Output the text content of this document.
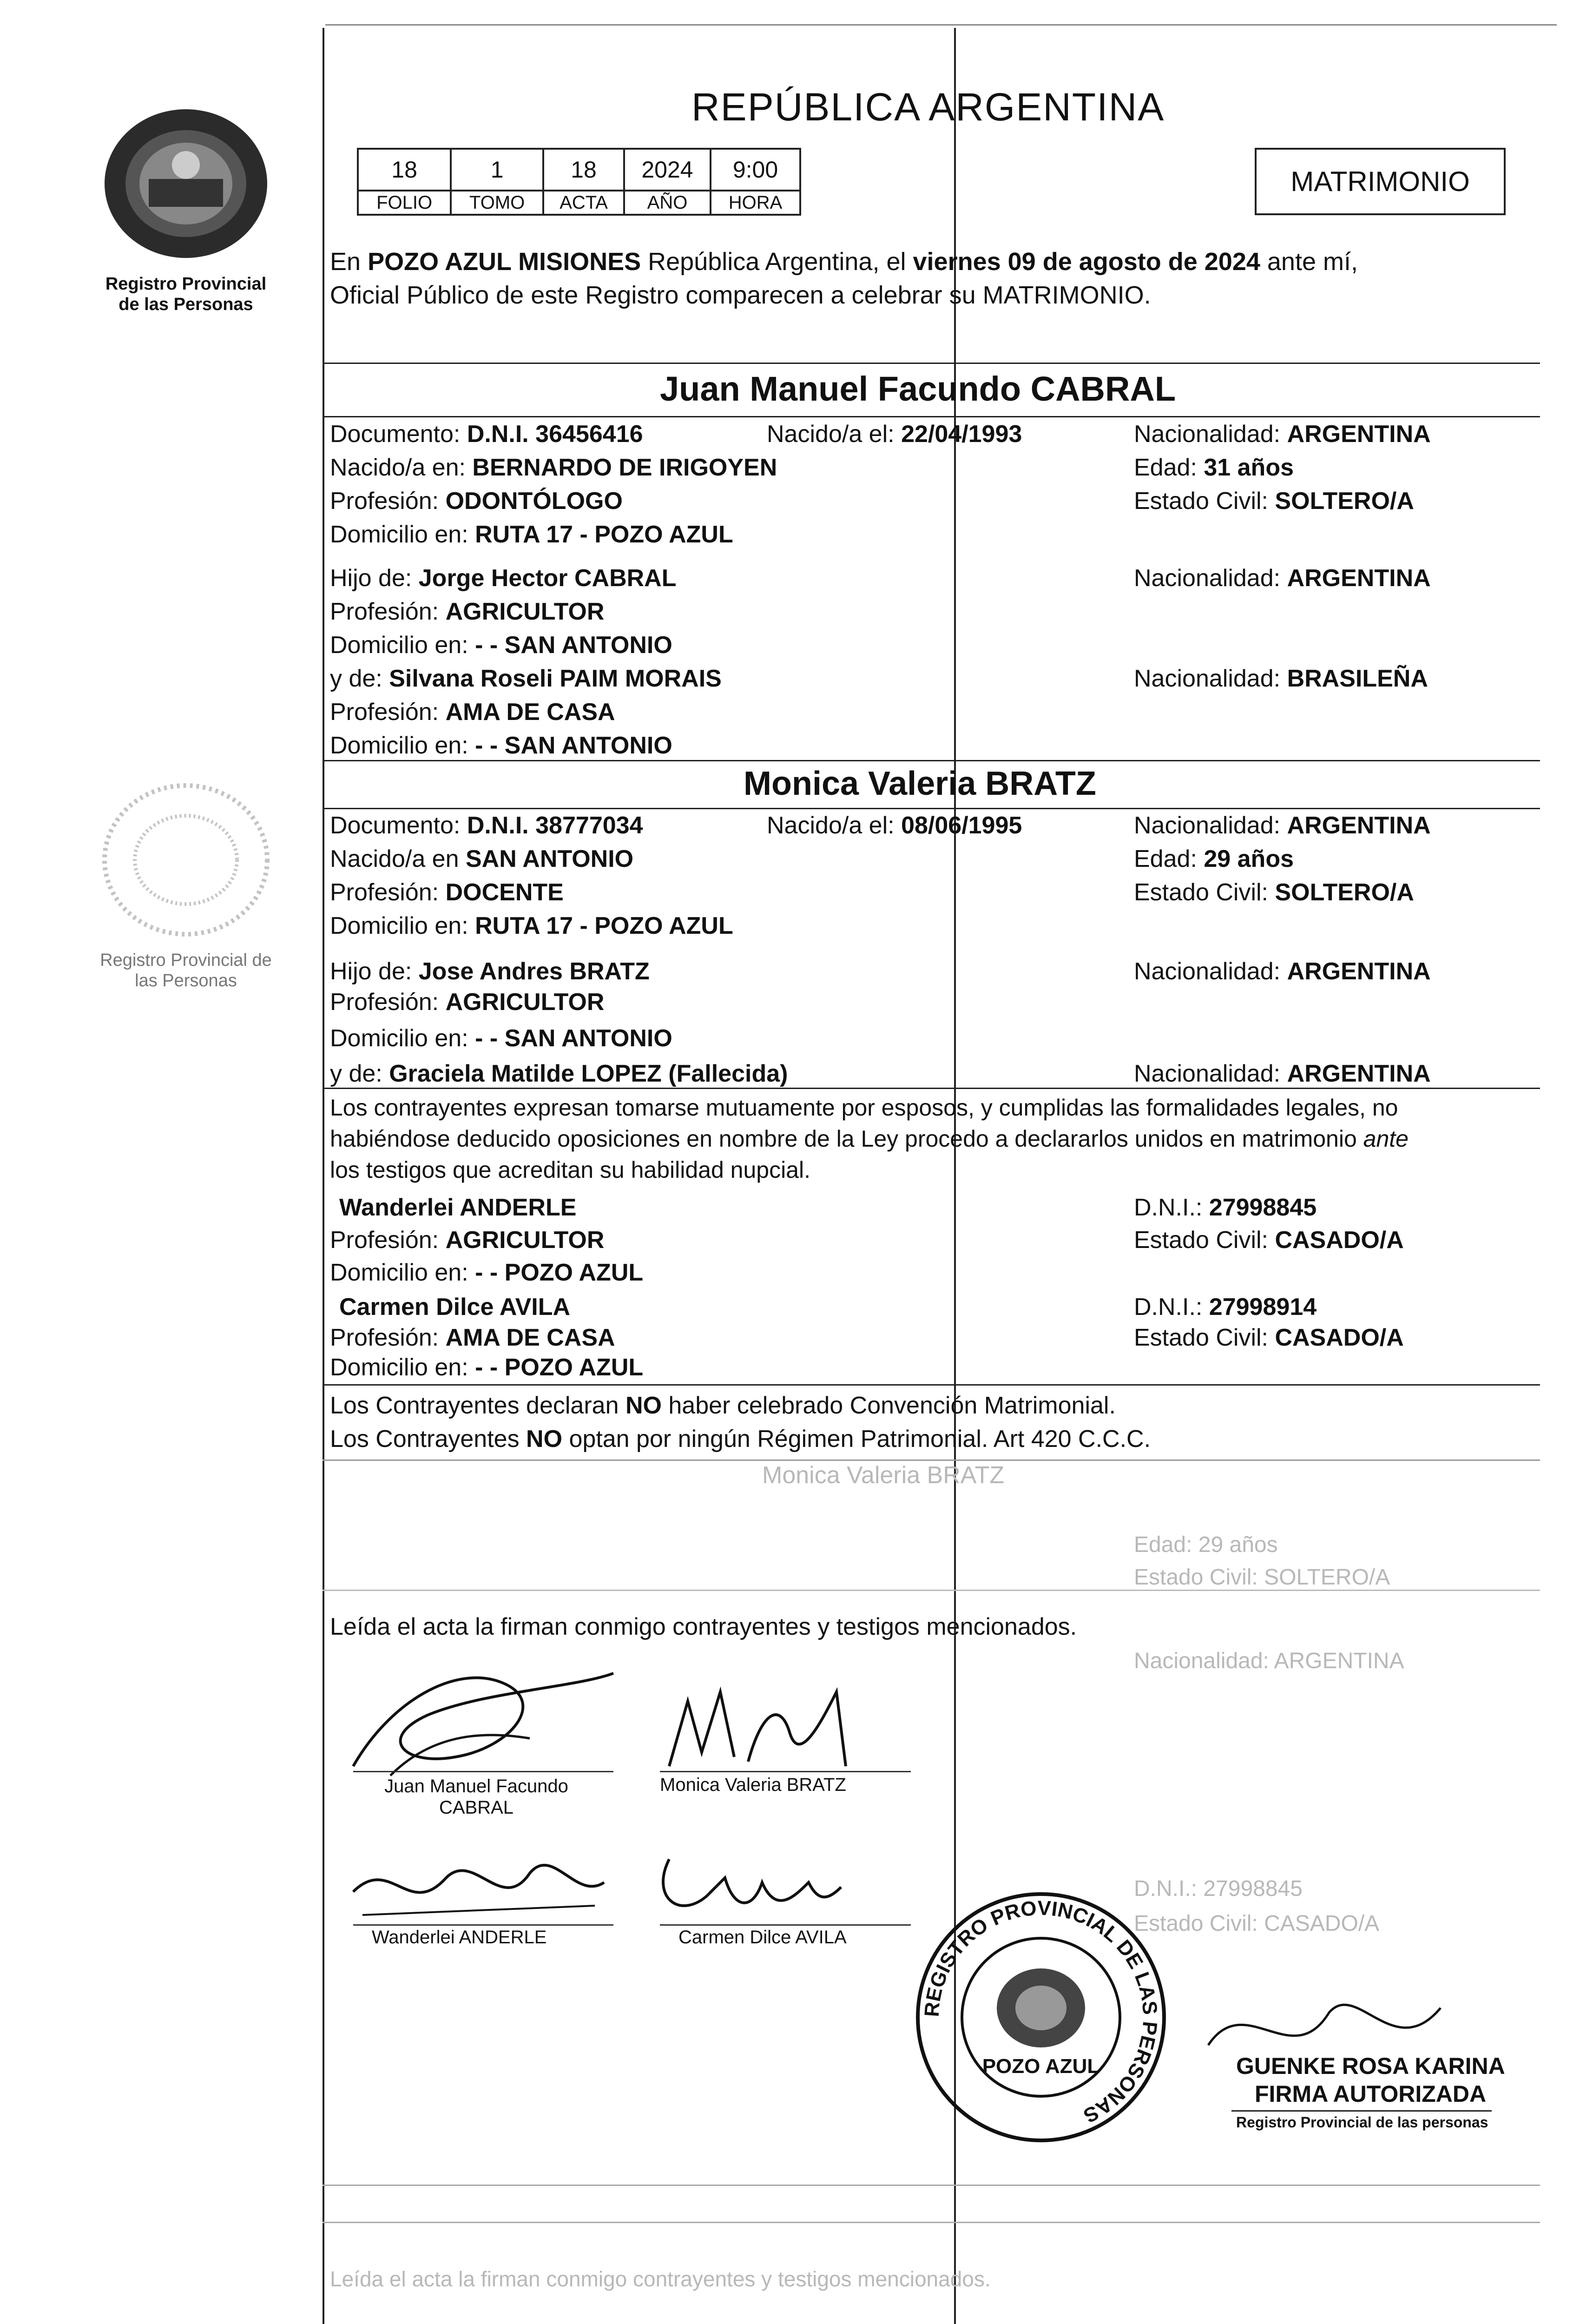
Registro Provincial de las Personas
Registro Provincial de las Personas
REPÚBLICA ARGENTINA
18	1	18	2024	9:00
FOLIO	TOMO	ACTA	AÑO	HORA
MATRIMONIO
En POZO AZUL MISIONES República Argentina, el viernes 09 de agosto de 2024 ante mí,
Oficial Público de este Registro comparecen a celebrar su MATRIMONIO.
Juan Manuel Facundo CABRAL
Documento: D.N.I. 36456416	Nacido/a el: 22/04/1993	Nacionalidad: ARGENTINA
Nacido/a en: BERNARDO DE IRIGOYEN	Edad: 31 años
Profesión: ODONTÓLOGO	Estado Civil: SOLTERO/A
Domicilio en: RUTA 17 - POZO AZUL
Hijo de: Jorge Hector CABRAL	Nacionalidad: ARGENTINA
Profesión: AGRICULTOR
Domicilio en: - - SAN ANTONIO
y de: Silvana Roseli PAIM MORAIS	Nacionalidad: BRASILEÑA
Profesión: AMA DE CASA
Domicilio en: - - SAN ANTONIO
Monica Valeria BRATZ
Documento: D.N.I. 38777034	Nacido/a el: 08/06/1995	Nacionalidad: ARGENTINA
Nacido/a en SAN ANTONIO	Edad: 29 años
Profesión: DOCENTE	Estado Civil: SOLTERO/A
Domicilio en: RUTA 17 - POZO AZUL
Hijo de: Jose Andres BRATZ	Nacionalidad: ARGENTINA
Profesión: AGRICULTOR
Domicilio en: - - SAN ANTONIO
y de: Graciela Matilde LOPEZ (Fallecida)	Nacionalidad: ARGENTINA
Los contrayentes expresan tomarse mutuamente por esposos, y cumplidas las formalidades legales, no
habiéndose deducido oposiciones en nombre de la Ley procedo a declararlos unidos en matrimonio ante
los testigos que acreditan su habilidad nupcial.
Wanderlei ANDERLE	D.N.I.: 27998845
Profesión: AGRICULTOR	Estado Civil: CASADO/A
Domicilio en: - - POZO AZUL
Carmen Dilce AVILA	D.N.I.: 27998914
Profesión: AMA DE CASA	Estado Civil: CASADO/A
Domicilio en: - - POZO AZUL
Los Contrayentes declaran NO haber celebrado Convención Matrimonial.
Los Contrayentes NO optan por ningún Régimen Patrimonial. Art 420 C.C.C.
Monica Valeria BRATZ
Edad: 29 años
Estado Civil: SOLTERO/A
Nacionalidad: ARGENTINA
D.N.I.: 27998845
Estado Civil: CASADO/A
Leída el acta la firman conmigo contrayentes y testigos mencionados.
Juan Manuel Facundo CABRAL
Monica Valeria BRATZ
Wanderlei ANDERLE	Carmen Dilce AVILA
REGISTRO PROVINCIAL DE LAS PERSONAS
POZO AZUL	GUENKE ROSA KARINA
FIRMA AUTORIZADA
Registro Provincial de las personas
Leída el acta la firman conmigo contrayentes y testigos mencionados.
